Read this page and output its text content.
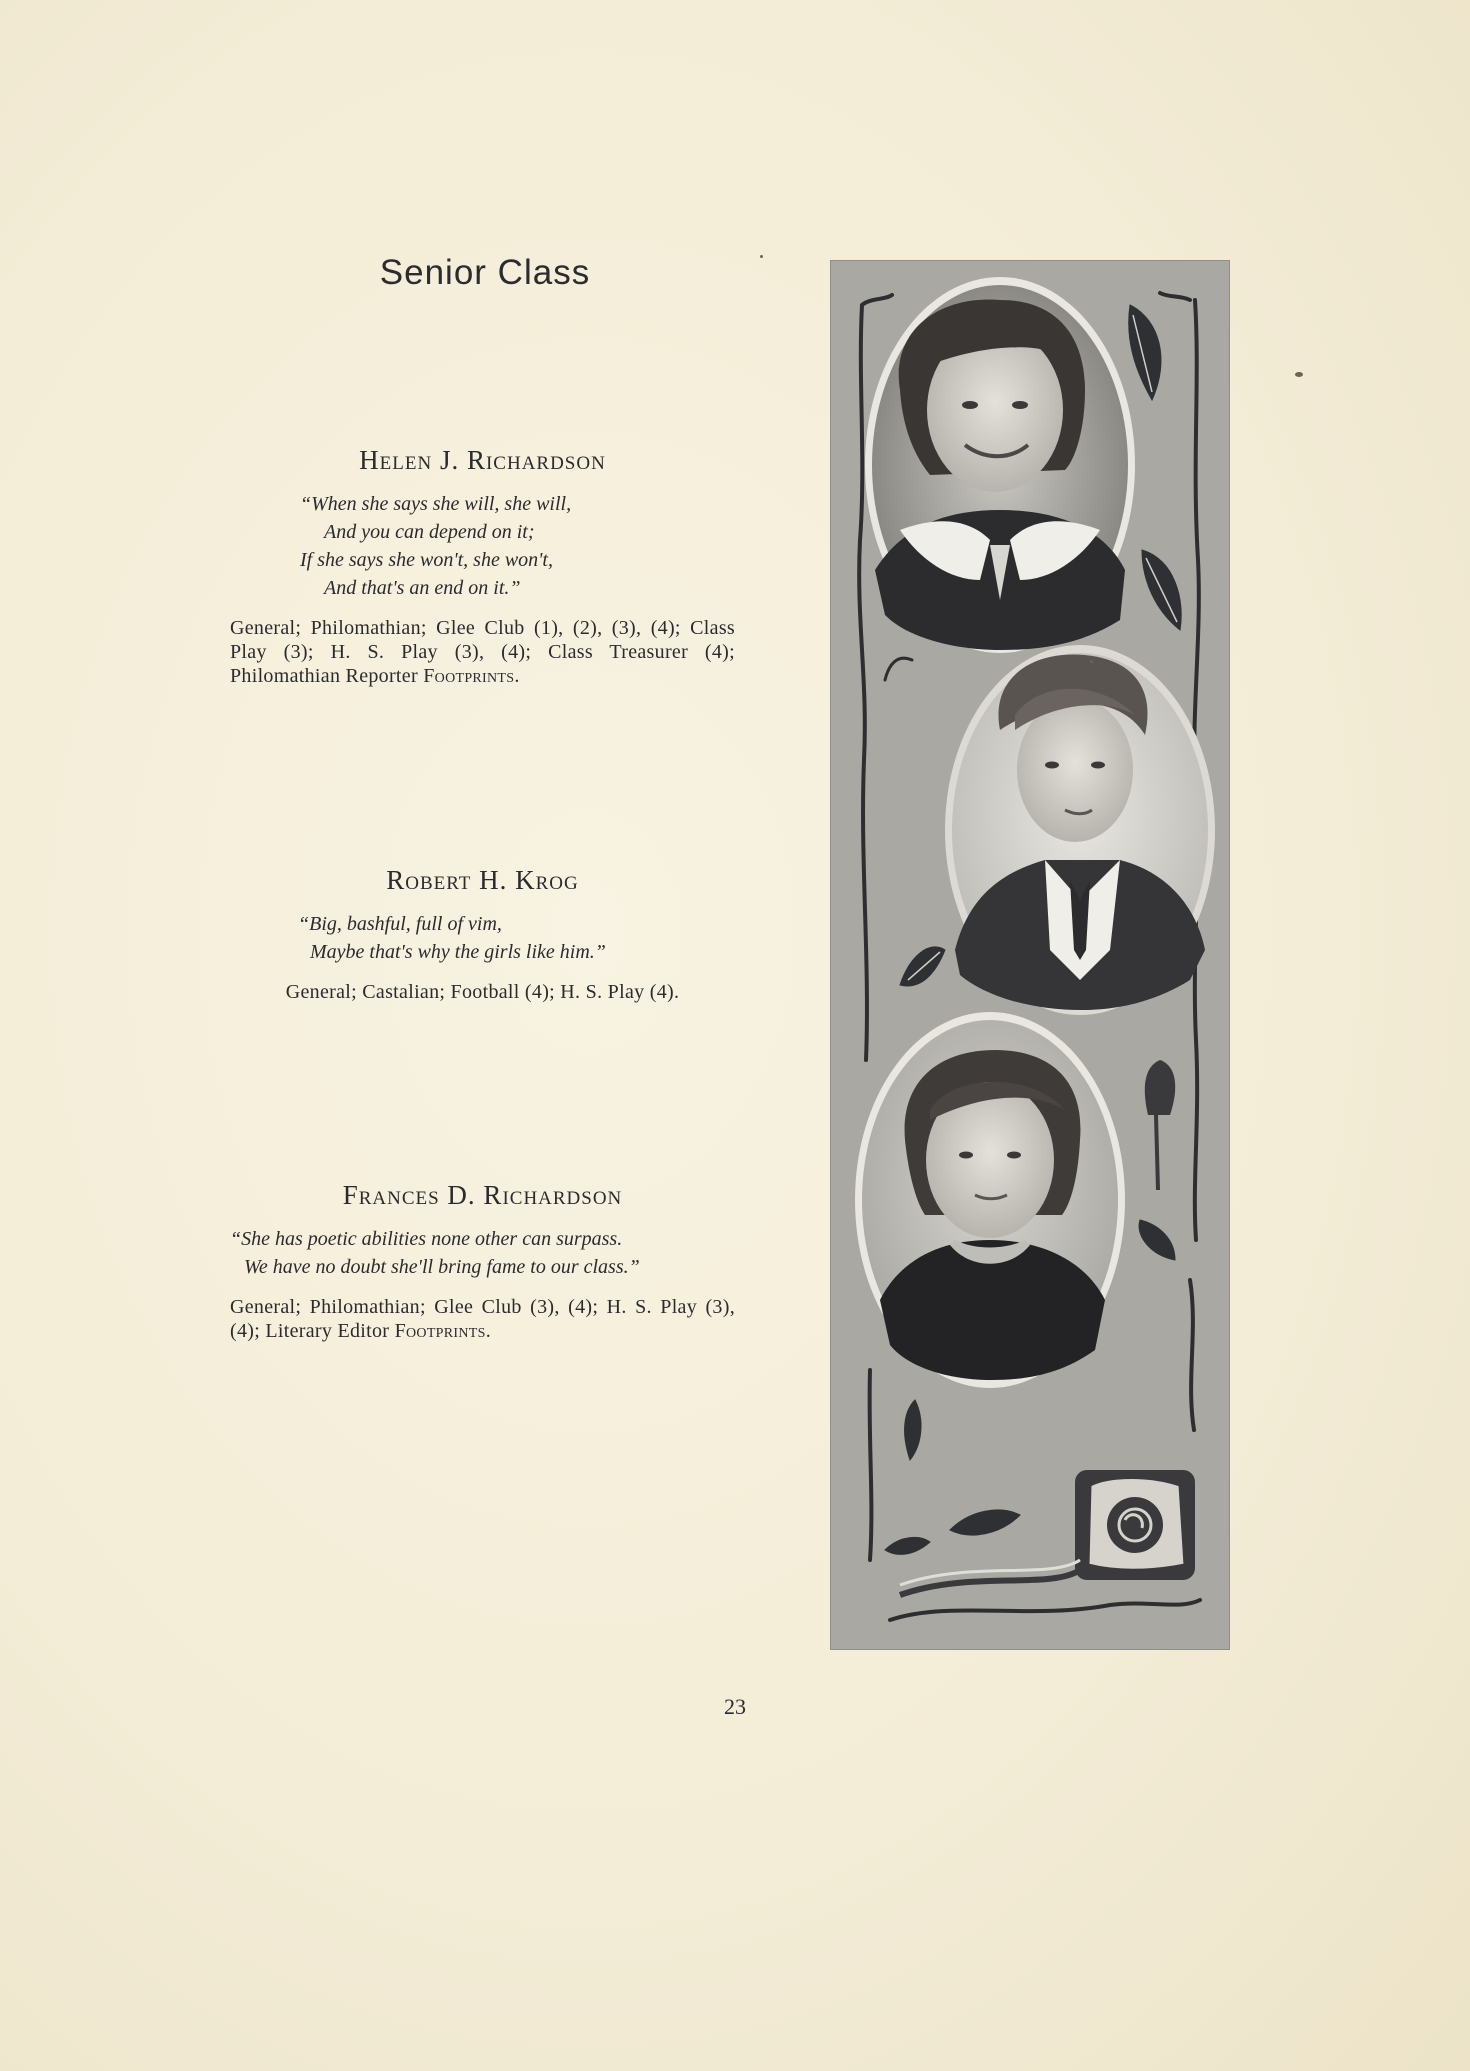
Senior Class
Helen J. Richardson
“When she says she will, she will,
And you can depend on it;
If she says she won't, she won't,
And that's an end on it.”
General; Philomathian; Glee Club (1), (2), (3), (4); Class Play (3); H. S. Play (3), (4); Class Treasurer (4); Philomathian Reporter Footprints.
Robert H. Krog
“Big, bashful, full of vim,
Maybe that's why the girls like him.”
General; Castalian; Football (4); H. S. Play (4).
Frances D. Richardson
“She has poetic abilities none other can surpass.
We have no doubt she'll bring fame to our class.”
General; Philomathian; Glee Club (3), (4); H. S. Play (3), (4); Literary Editor Footprints.
23
